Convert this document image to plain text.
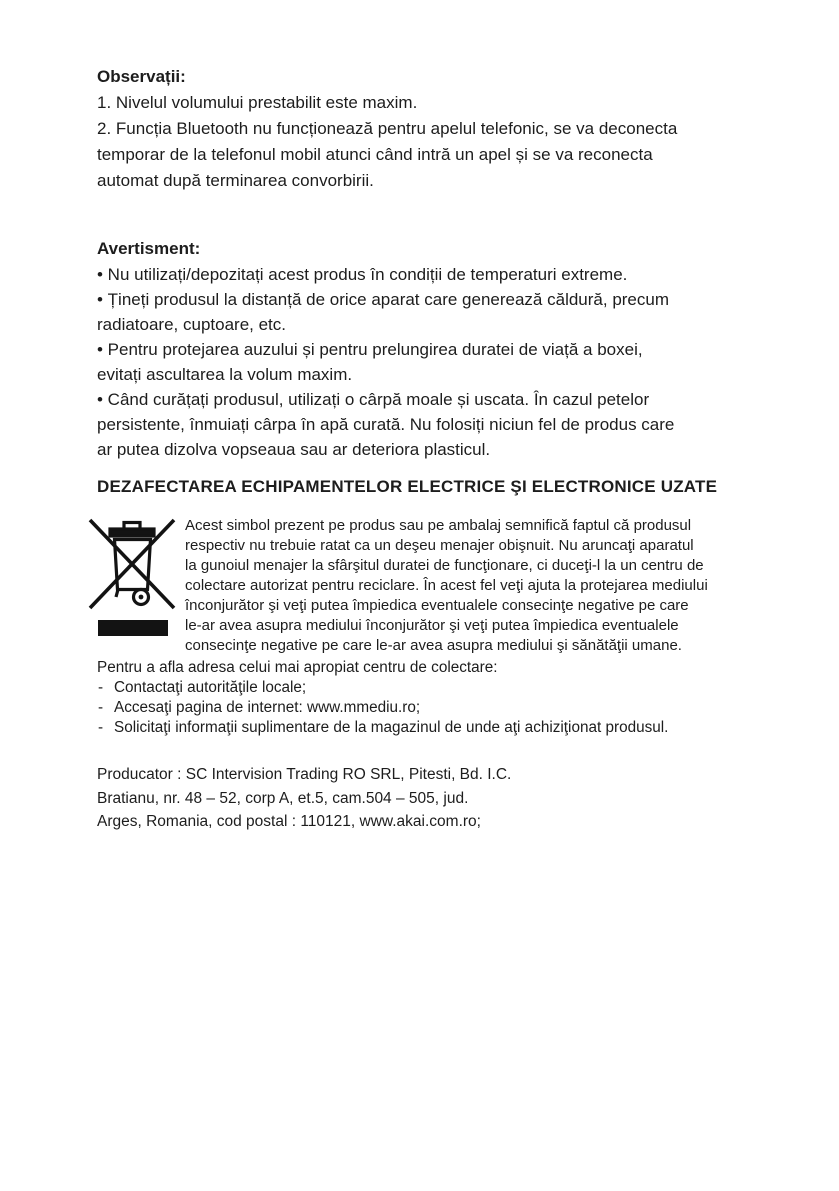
Observații:
1. Nivelul volumului prestabilit este maxim.
2. Funcția Bluetooth nu funcționează pentru apelul telefonic, se va deconecta
temporar de la telefonul mobil atunci când intră un apel și se va reconecta
automat după terminarea convorbirii.
Avertisment:
• Nu utilizați/depozitați acest produs în condiții de temperaturi extreme.
• Țineți produsul la distanță de orice aparat care generează căldură, precum
radiatoare, cuptoare, etc.
• Pentru protejarea auzului și pentru prelungirea duratei de viață a boxei,
evitați ascultarea la volum maxim.
• Când curățați produsul, utilizați o cârpă moale și uscata. În cazul petelor
persistente, înmuiați cârpa în apă curată. Nu folosiți niciun fel de produs care
ar putea dizolva vopseaua sau ar deteriora plasticul.
DEZAFECTAREA ECHIPAMENTELOR ELECTRICE ŞI ELECTRONICE UZATE
Acest simbol prezent pe produs sau pe ambalaj semnifică faptul că produsul
respectiv nu trebuie ratat ca un deşeu menajer obişnuit. Nu aruncaţi aparatul
la gunoiul menajer la sfârşitul duratei de funcţionare, ci duceţi-l la un centru de
colectare autorizat pentru reciclare. În acest fel veţi ajuta la protejarea mediului
înconjurător şi veţi putea împiedica eventualele consecinţe negative pe care
le-ar avea asupra mediului înconjurător şi veţi putea împiedica eventualele
consecinţe negative pe care le-ar avea asupra mediului şi sănătăţii umane.
Pentru a afla adresa celui mai apropiat centru de colectare:
- Contactaţi autorităţile locale;
- Accesaţi pagina de internet: www.mmediu.ro;
- Solicitaţi informaţii suplimentare de la magazinul de unde aţi achiziţionat produsul.
Producator : SC Intervision Trading RO SRL, Pitesti, Bd. I.C.
Bratianu, nr. 48 – 52, corp A, et.5, cam.504 – 505, jud.
Arges, Romania, cod postal : 110121, www.akai.com.ro;
